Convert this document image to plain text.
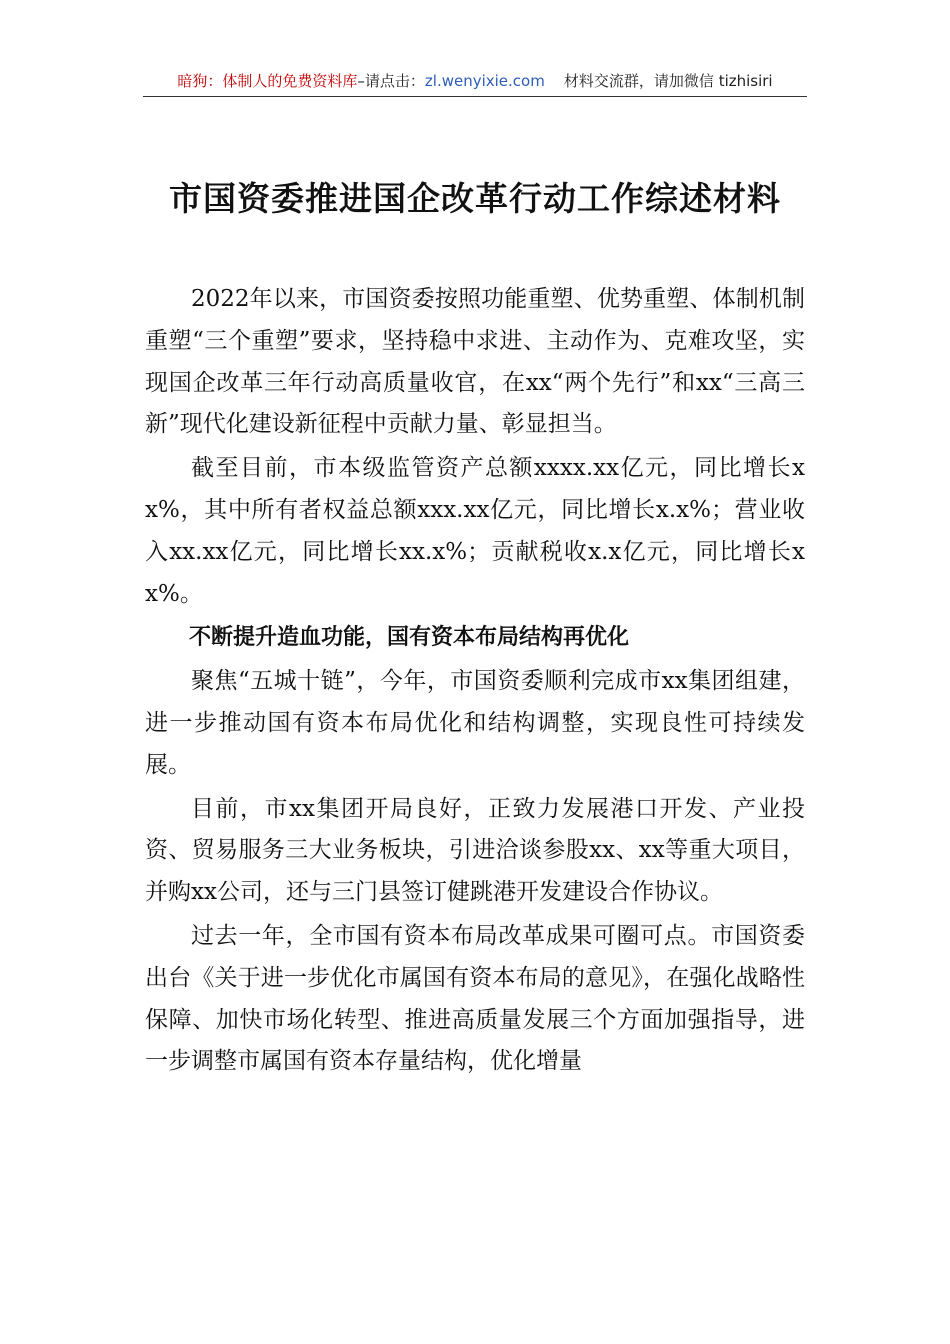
暗狗：体制人的免费资料库–请点击：zl.wenyixie.com 材料交流群，请加微信 tizhisiri
市国资委推进国企改革行动工作综述材料

2022年以来，市国资委按照功能重塑、优势重塑、体制机制重塑“三个重塑”要求，坚持稳中求进、主动作为、克难攻坚，实现国企改革三年行动高质量收官，在xx“两个先行”和xx“三高三新”现代化建设新征程中贡献力量、彰显担当。

截至目前，市本级监管资产总额xxxx.xx亿元，同比增长xx%，其中所有者权益总额xxx.xx亿元，同比增长x.x%；营业收入xx.xx亿元，同比增长xx.x%；贡献税收x.x亿元，同比增长xx%。

不断提升造血功能，国有资本布局结构再优化

聚焦“五城十链”，今年，市国资委顺利完成市xx集团组建，进一步推动国有资本布局优化和结构调整，实现良性可持续发展。

目前，市xx集团开局良好，正致力发展港口开发、产业投资、贸易服务三大业务板块，引进洽谈参股xx、xx等重大项目，并购xx公司，还与三门县签订健跳港开发建设合作协议。

过去一年，全市国有资本布局改革成果可圈可点。市国资委出台《关于进一步优化市属国有资本布局的意见》，在强化战略性保障、加快市场化转型、推进高质量发展三个方面加强指导，进一步调整市属国有资本存量结构，优化增量
